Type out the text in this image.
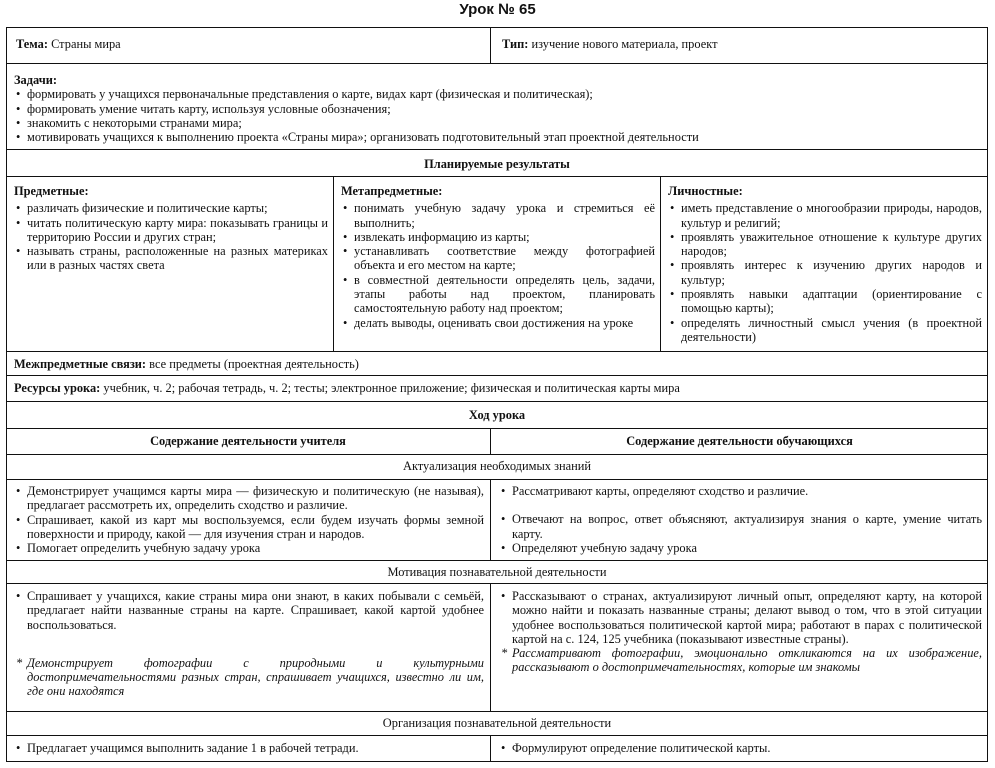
Урок № 65
Тема: Страны мира	Тип: изучение нового материала, проект
Задачи:
• формировать у учащихся первоначальные представления о карте, видах карт (физическая и политическая);
• формировать умение читать карту, используя условные обозначения;
• знакомить с некоторыми странами мира;
• мотивировать учащихся к выполнению проекта «Страны мира»; организовать подготовительный этап проектной деятельности
Планируемые результаты
Предметные:
• различать физические и политические карты;
• читать политическую карту мира: показывать границы и территорию России и других стран;
• называть страны, расположенные на разных материках или в разных частях света
Метапредметные:
• понимать учебную задачу урока и стремиться её выполнить;
• извлекать информацию из карты;
• устанавливать соответствие между фотографией объекта и его местом на карте;
• в совместной деятельности определять цель, задачи, этапы работы над проектом, планировать самостоятельную работу над проектом;
• делать выводы, оценивать свои достижения на уроке
Личностные:
• иметь представление о многообразии природы, народов, культур и религий;
• проявлять уважительное отношение к культуре других народов;
• проявлять интерес к изучению других народов и культур;
• проявлять навыки адаптации (ориентирование с помощью карты);
• определять личностный смысл учения (в проектной деятельности)
Межпредметные связи: все предметы (проектная деятельность)
Ресурсы урока: учебник, ч. 2; рабочая тетрадь, ч. 2; тесты; электронное приложение; физическая и политическая карты мира
Ход урока
Содержание деятельности учителя	Содержание деятельности обучающихся
Актуализация необходимых знаний
• Демонстрирует учащимся карты мира — физическую и политическую (не называя), предлагает рассмотреть их, определить сходство и различие.
• Спрашивает, какой из карт мы воспользуемся, если будем изучать формы земной поверхности и природу, какой — для изучения стран и народов.
• Помогает определить учебную задачу урока
• Рассматривают карты, определяют сходство и различие.
• Отвечают на вопрос, ответ объясняют, актуализируя знания о карте, умение читать карту.
• Определяют учебную задачу урока
Мотивация познавательной деятельности
• Спрашивает у учащихся, какие страны мира они знают, в каких побывали с семьёй, предлагает найти названные страны на карте. Спрашивает, какой картой удобнее воспользоваться.
* Демонстрирует фотографии с природными и культурными достопримечательностями разных стран, спрашивает учащихся, известно ли им, где они находятся
• Рассказывают о странах, актуализируют личный опыт, определяют карту, на которой можно найти и показать названные страны; делают вывод о том, что в этой ситуации удобнее воспользоваться политической картой мира; работают в парах с политической картой на с. 124, 125 учебника (показывают известные страны).
* Рассматривают фотографии, эмоционально откликаются на их изображение, рассказывают о достопримечательностях, которые им знакомы
Организация познавательной деятельности
• Предлагает учащимся выполнить задание 1 в рабочей тетради.
•	Формулируют определение политической карты.
